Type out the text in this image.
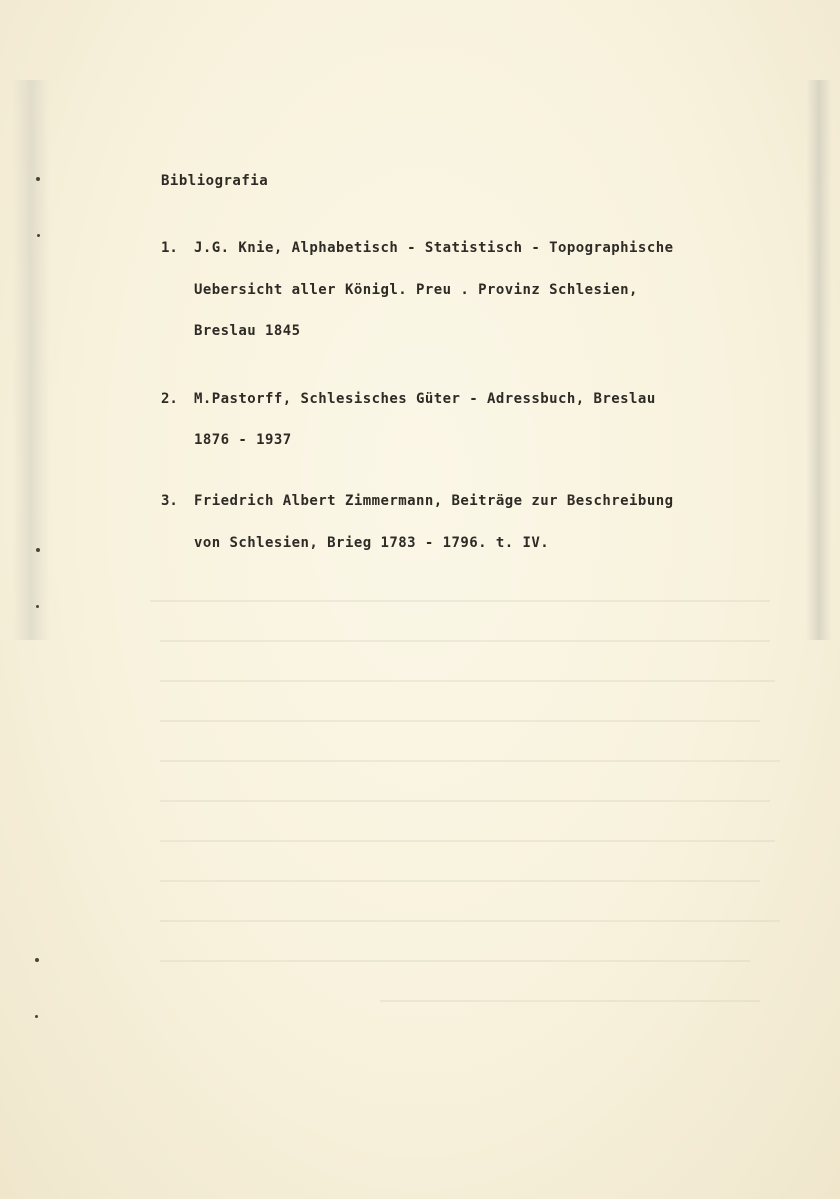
Bibliografia
1. J.G. Knie, Alphabetisch - Statistisch - Topographische
Uebersicht aller Königl. Preu . Provinz Schlesien,
Breslau 1845
2. M.Pastorff, Schlesisches Güter - Adressbuch, Breslau
1876 - 1937
3. Friedrich Albert Zimmermann, Beiträge zur Beschreibung
von Schlesien, Brieg 1783 - 1796. t. IV.
